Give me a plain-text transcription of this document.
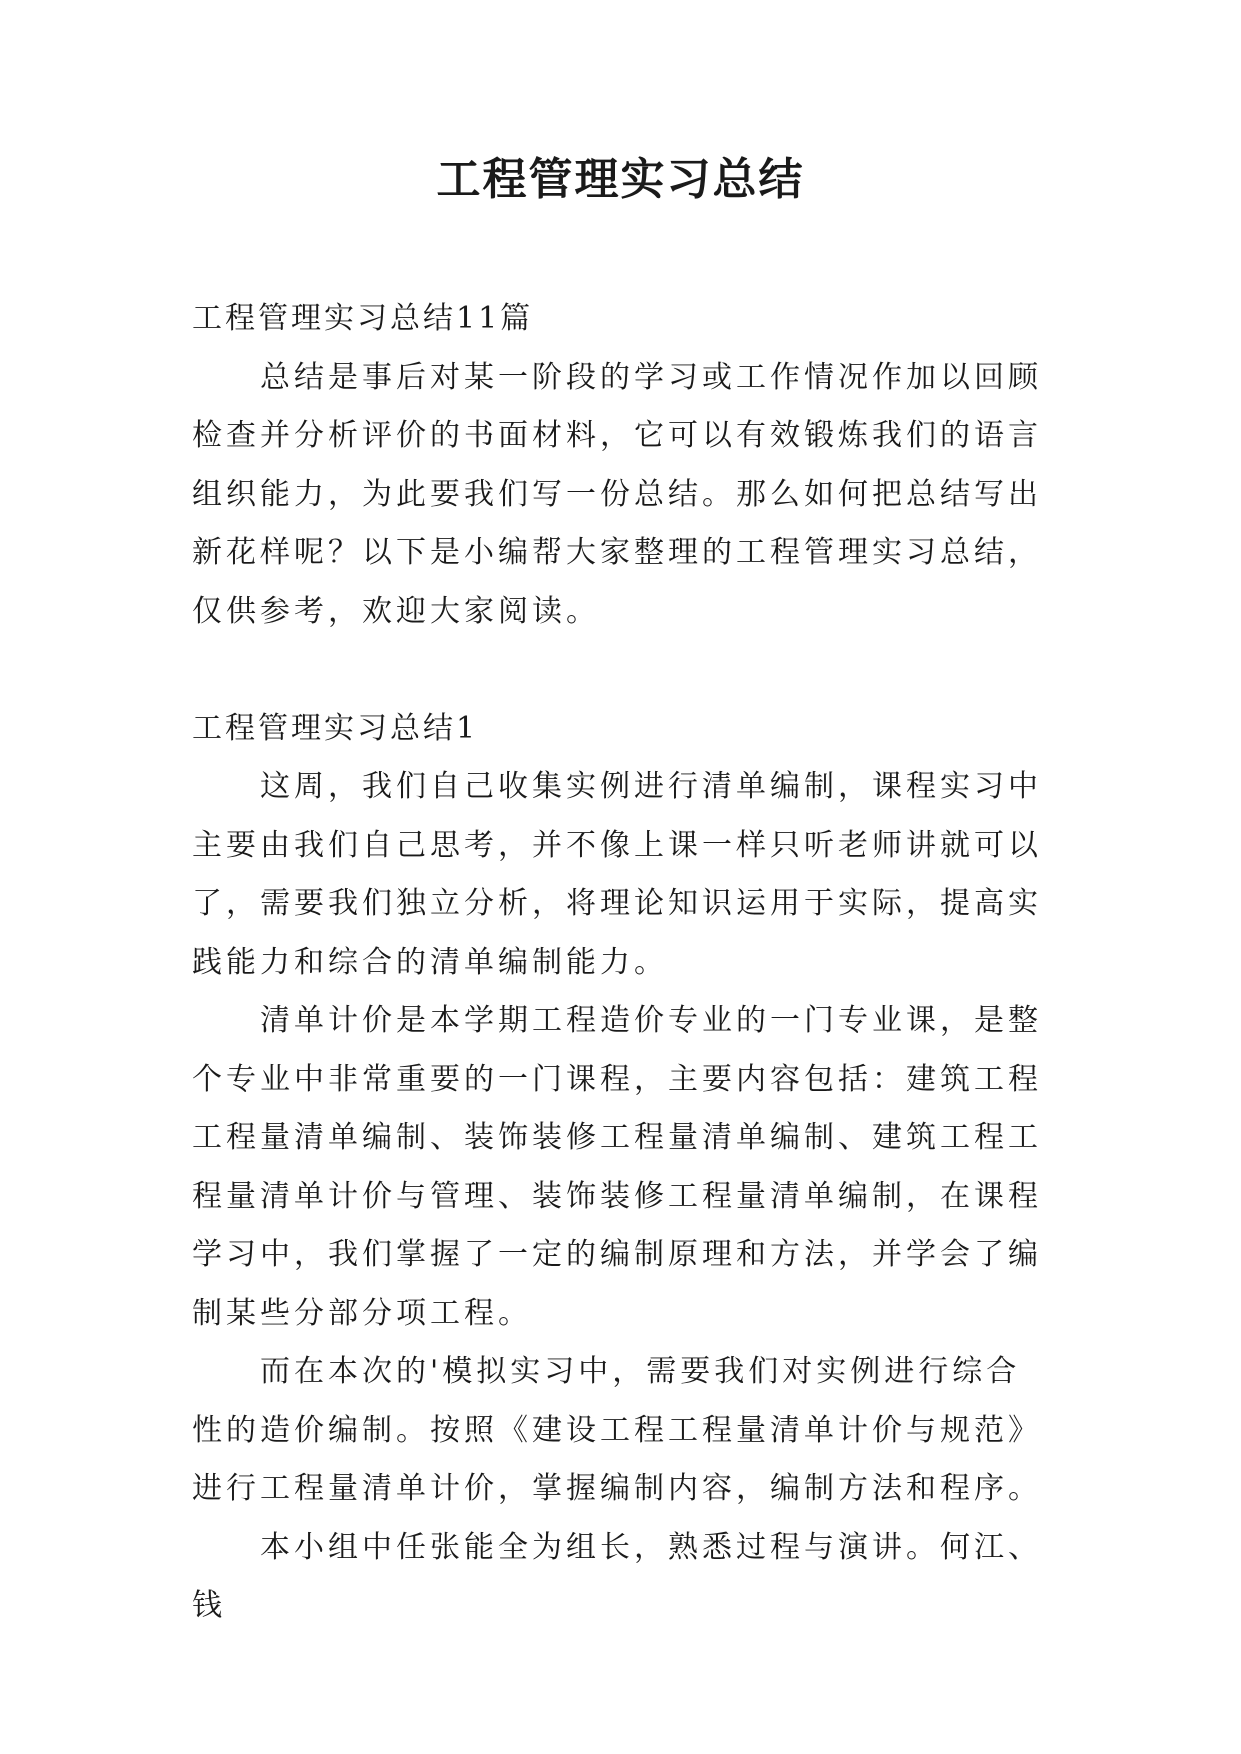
工程管理实习总结

工程管理实习总结11篇

总结是事后对某一阶段的学习或工作情况作加以回顾检查并分析评价的书面材料，它可以有效锻炼我们的语言组织能力，为此要我们写一份总结。那么如何把总结写出新花样呢？以下是小编帮大家整理的工程管理实习总结，仅供参考，欢迎大家阅读。

工程管理实习总结1

这周，我们自己收集实例进行清单编制，课程实习中主要由我们自己思考，并不像上课一样只听老师讲就可以了，需要我们独立分析，将理论知识运用于实际，提高实践能力和综合的清单编制能力。

清单计价是本学期工程造价专业的一门专业课，是整个专业中非常重要的一门课程，主要内容包括：建筑工程工程量清单编制、装饰装修工程量清单编制、建筑工程工程量清单计价与管理、装饰装修工程量清单编制，在课程学习中，我们掌握了一定的编制原理和方法，并学会了编制某些分部分项工程。

而在本次的'模拟实习中，需要我们对实例进行综合性的造价编制。按照《建设工程工程量清单计价与规范》进行工程量清单计价，掌握编制内容，编制方法和程序。

本小组中任张能全为组长，熟悉过程与演讲。何江、钱
